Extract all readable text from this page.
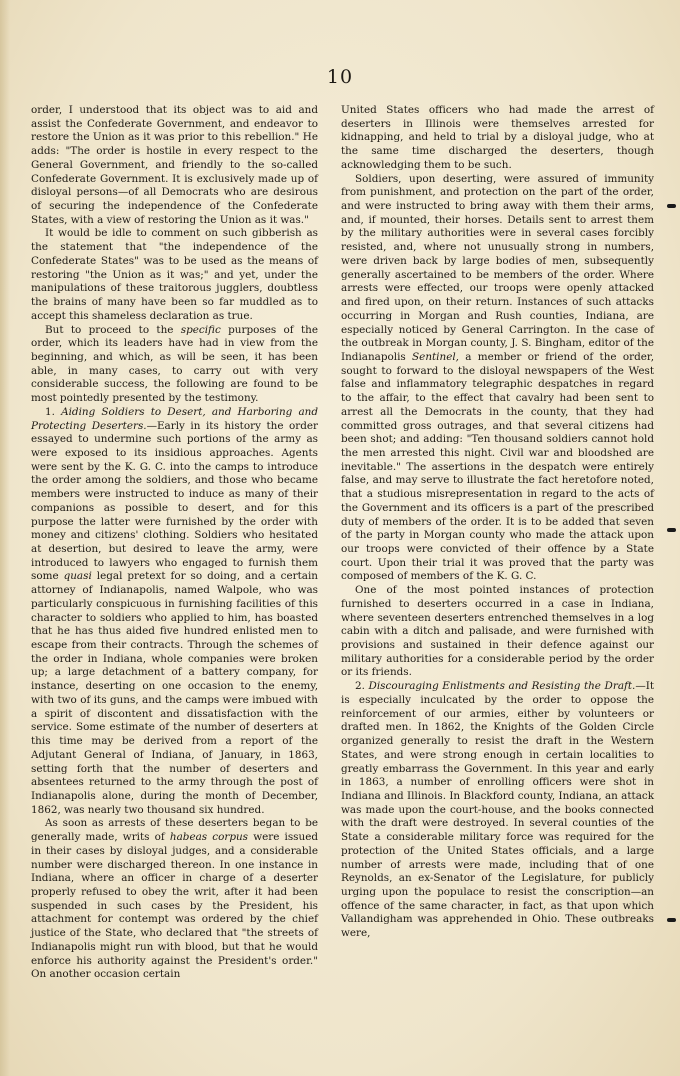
10

order, I understood that its object was to aid and assist the Confederate Government, and endeavor to restore the Union as it was prior to this rebellion." He adds: "The order is hostile in every respect to the General Government, and friendly to the so-called Confederate Government. It is exclusively made up of disloyal persons—of all Democrats who are desirous of securing the independence of the Confederate States, with a view of restoring the Union as it was."

It would be idle to comment on such gibberish as the statement that "the independence of the Confederate States" was to be used as the means of restoring "the Union as it was;" and yet, under the manipulations of these traitorous jugglers, doubtless the brains of many have been so far muddled as to accept this shameless declaration as true.

But to proceed to the specific purposes of the order, which its leaders have had in view from the beginning, and which, as will be seen, it has been able, in many cases, to carry out with very considerable success, the following are found to be most pointedly presented by the testimony.

1. Aiding Soldiers to Desert, and Harboring and Protecting Deserters.—Early in its history the order essayed to undermine such portions of the army as were exposed to its insidious approaches. Agents were sent by the K. G. C. into the camps to introduce the order among the soldiers, and those who became members were instructed to induce as many of their companions as possible to desert, and for this purpose the latter were furnished by the order with money and citizens' clothing. Soldiers who hesitated at desertion, but desired to leave the army, were introduced to lawyers who engaged to furnish them some quasi legal pretext for so doing, and a certain attorney of Indianapolis, named Walpole, who was particularly conspicuous in furnishing facilities of this character to soldiers who applied to him, has boasted that he has thus aided five hundred enlisted men to escape from their contracts. Through the schemes of the order in Indiana, whole companies were broken up; a large detachment of a battery company, for instance, deserting on one occasion to the enemy, with two of its guns, and the camps were imbued with a spirit of discontent and dissatisfaction with the service. Some estimate of the number of deserters at this time may be derived from a report of the Adjutant General of Indiana, of January, in 1863, setting forth that the number of deserters and absentees returned to the army through the post of Indianapolis alone, during the month of December, 1862, was nearly two thousand six hundred.

As soon as arrests of these deserters began to be generally made, writs of habeas corpus were issued in their cases by disloyal judges, and a considerable number were discharged thereon. In one instance in Indiana, where an officer in charge of a deserter properly refused to obey the writ, after it had been suspended in such cases by the President, his attachment for contempt was ordered by the chief justice of the State, who declared that "the streets of Indianapolis might run with blood, but that he would enforce his authority against the President's order." On another occasion certain

United States officers who had made the arrest of deserters in Illinois were themselves arrested for kidnapping, and held to trial by a disloyal judge, who at the same time discharged the deserters, though acknowledging them to be such.

Soldiers, upon deserting, were assured of immunity from punishment, and protection on the part of the order, and were instructed to bring away with them their arms, and, if mounted, their horses. Details sent to arrest them by the military authorities were in several cases forcibly resisted, and, where not unusually strong in numbers, were driven back by large bodies of men, subsequently generally ascertained to be members of the order. Where arrests were effected, our troops were openly attacked and fired upon, on their return. Instances of such attacks occurring in Morgan and Rush counties, Indiana, are especially noticed by General Carrington. In the case of the outbreak in Morgan county, J. S. Bingham, editor of the Indianapolis Sentinel, a member or friend of the order, sought to forward to the disloyal newspapers of the West false and inflammatory telegraphic despatches in regard to the affair, to the effect that cavalry had been sent to arrest all the Democrats in the county, that they had committed gross outrages, and that several citizens had been shot; and adding: "Ten thousand soldiers cannot hold the men arrested this night. Civil war and bloodshed are inevitable." The assertions in the despatch were entirely false, and may serve to illustrate the fact heretofore noted, that a studious misrepresentation in regard to the acts of the Government and its officers is a part of the prescribed duty of members of the order. It is to be added that seven of the party in Morgan county who made the attack upon our troops were convicted of their offence by a State court. Upon their trial it was proved that the party was composed of members of the K. G. C.

One of the most pointed instances of protection furnished to deserters occurred in a case in Indiana, where seventeen deserters entrenched themselves in a log cabin with a ditch and palisade, and were furnished with provisions and sustained in their defence against our military authorities for a considerable period by the order or its friends.

2. Discouraging Enlistments and Resisting the Draft.—It is especially inculcated by the order to oppose the reinforcement of our armies, either by volunteers or drafted men. In 1862, the Knights of the Golden Circle organized generally to resist the draft in the Western States, and were strong enough in certain localities to greatly embarrass the Government. In this year and early in 1863, a number of enrolling officers were shot in Indiana and Illinois. In Blackford county, Indiana, an attack was made upon the court-house, and the books connected with the draft were destroyed. In several counties of the State a considerable military force was required for the protection of the United States officials, and a large number of arrests were made, including that of one Reynolds, an ex-Senator of the Legislature, for publicly urging upon the populace to resist the conscription—an offence of the same character, in fact, as that upon which Vallandigham was apprehended in Ohio. These outbreaks were,
